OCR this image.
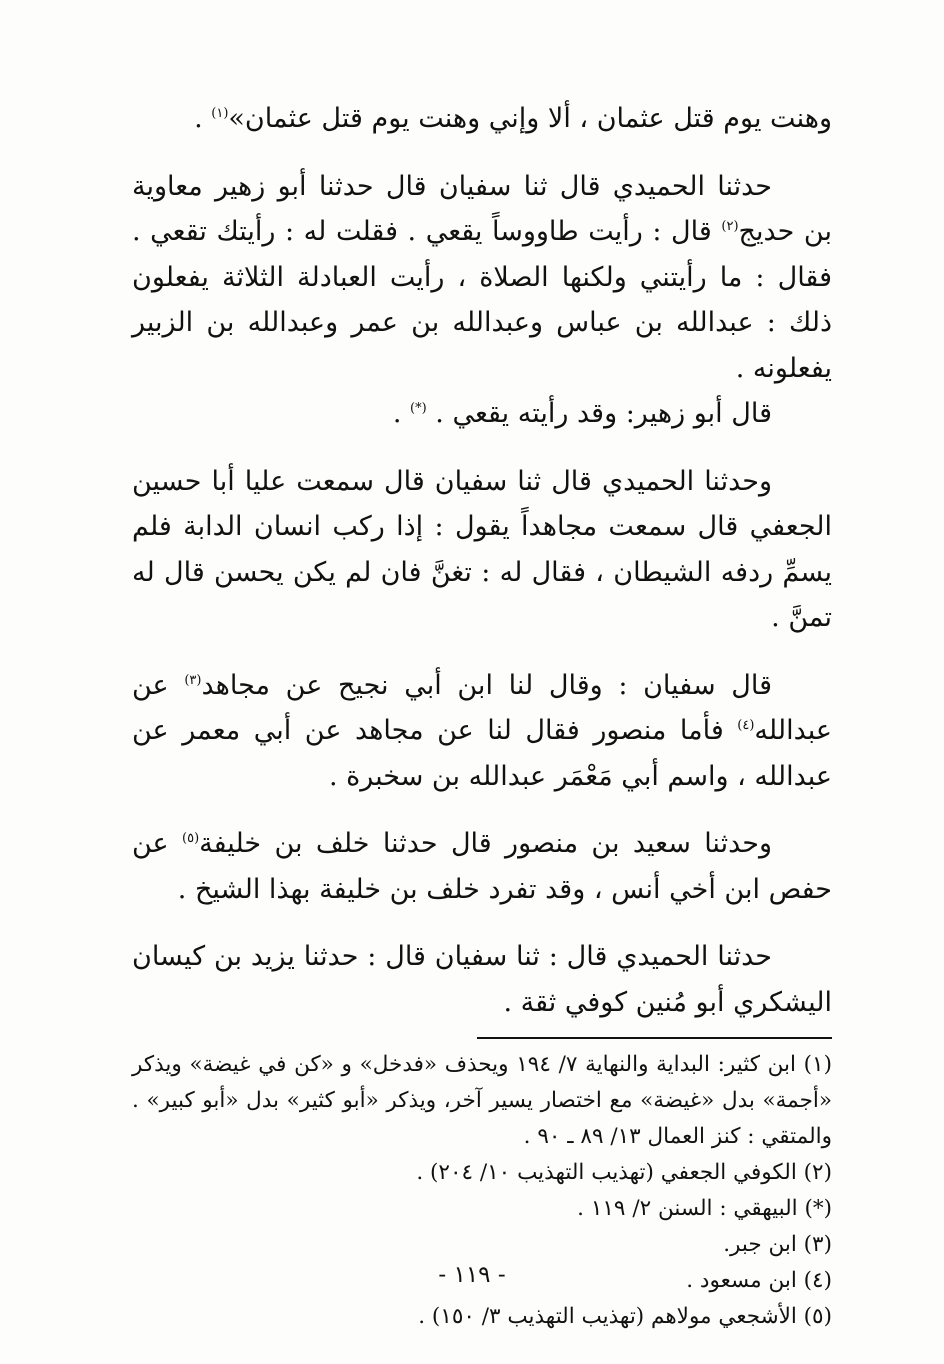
وهنت يوم قتل عثمان ، ألا وإني وهنت يوم قتل عثمان»$^{(١)}$ .

حدثنا الحميدي قال ثنا سفيان قال حدثنا أبو زهير معاوية بن حديج$^{(٢)}$ قال : رأيت طاووساً يقعي . فقلت له : رأيتك تقعي . فقال : ما رأيتني ولكنها الصلاة ، رأيت العبادلة الثلاثة يفعلون ذلك : عبدالله بن عباس وعبدالله بن عمر وعبدالله بن الزبير يفعلونه .

قال أبو زهير: وقد رأيته يقعي . (*) .

وحدثنا الحميدي قال ثنا سفيان قال سمعت عليا أبا حسين الجعفي قال سمعت مجاهداً يقول : إذا ركب انسان الدابة فلم يسمِّ ردفه الشيطان ، فقال له : تغنَّ فان لم يكن يحسن قال له تمنَّ .

قال سفيان : وقال لنا ابن أبي نجيح عن مجاهد$^{(٣)}$ عن عبدالله$^{(٤)}$ فأما منصور فقال لنا عن مجاهد عن أبي معمر عن عبدالله ، واسم أبي مَعْمَر عبدالله بن سخبرة .

وحدثنا سعيد بن منصور قال حدثنا خلف بن خليفة$^{(٥)}$ عن حفص ابن أخي أنس ، وقد تفرد خلف بن خليفة بهذا الشيخ .

حدثنا الحميدي قال : ثنا سفيان قال : حدثنا يزيد بن كيسان اليشكري أبو مُنين كوفي ثقة .

(١) ابن كثير: البداية والنهاية ٧/ ١٩٤ ويحذف «فدخل» و «كن في غيضة» ويذكر «أجمة» بدل «غيضة» مع اختصار يسير آخر، ويذكر «أبو كثير» بدل «أبو كبير» . والمتقي : كنز العمال ١٣/ ٨٩ ـ ٩٠ .

(٢) الكوفي الجعفي (تهذيب التهذيب ١٠/ ٢٠٤) .

(*) البيهقي : السنن ٢/ ١١٩ .

(٣) ابن جبر.

(٤) ابن مسعود .

(٥) الأشجعي مولاهم (تهذيب التهذيب ٣/ ١٥٠) .

- ١١٩ -
